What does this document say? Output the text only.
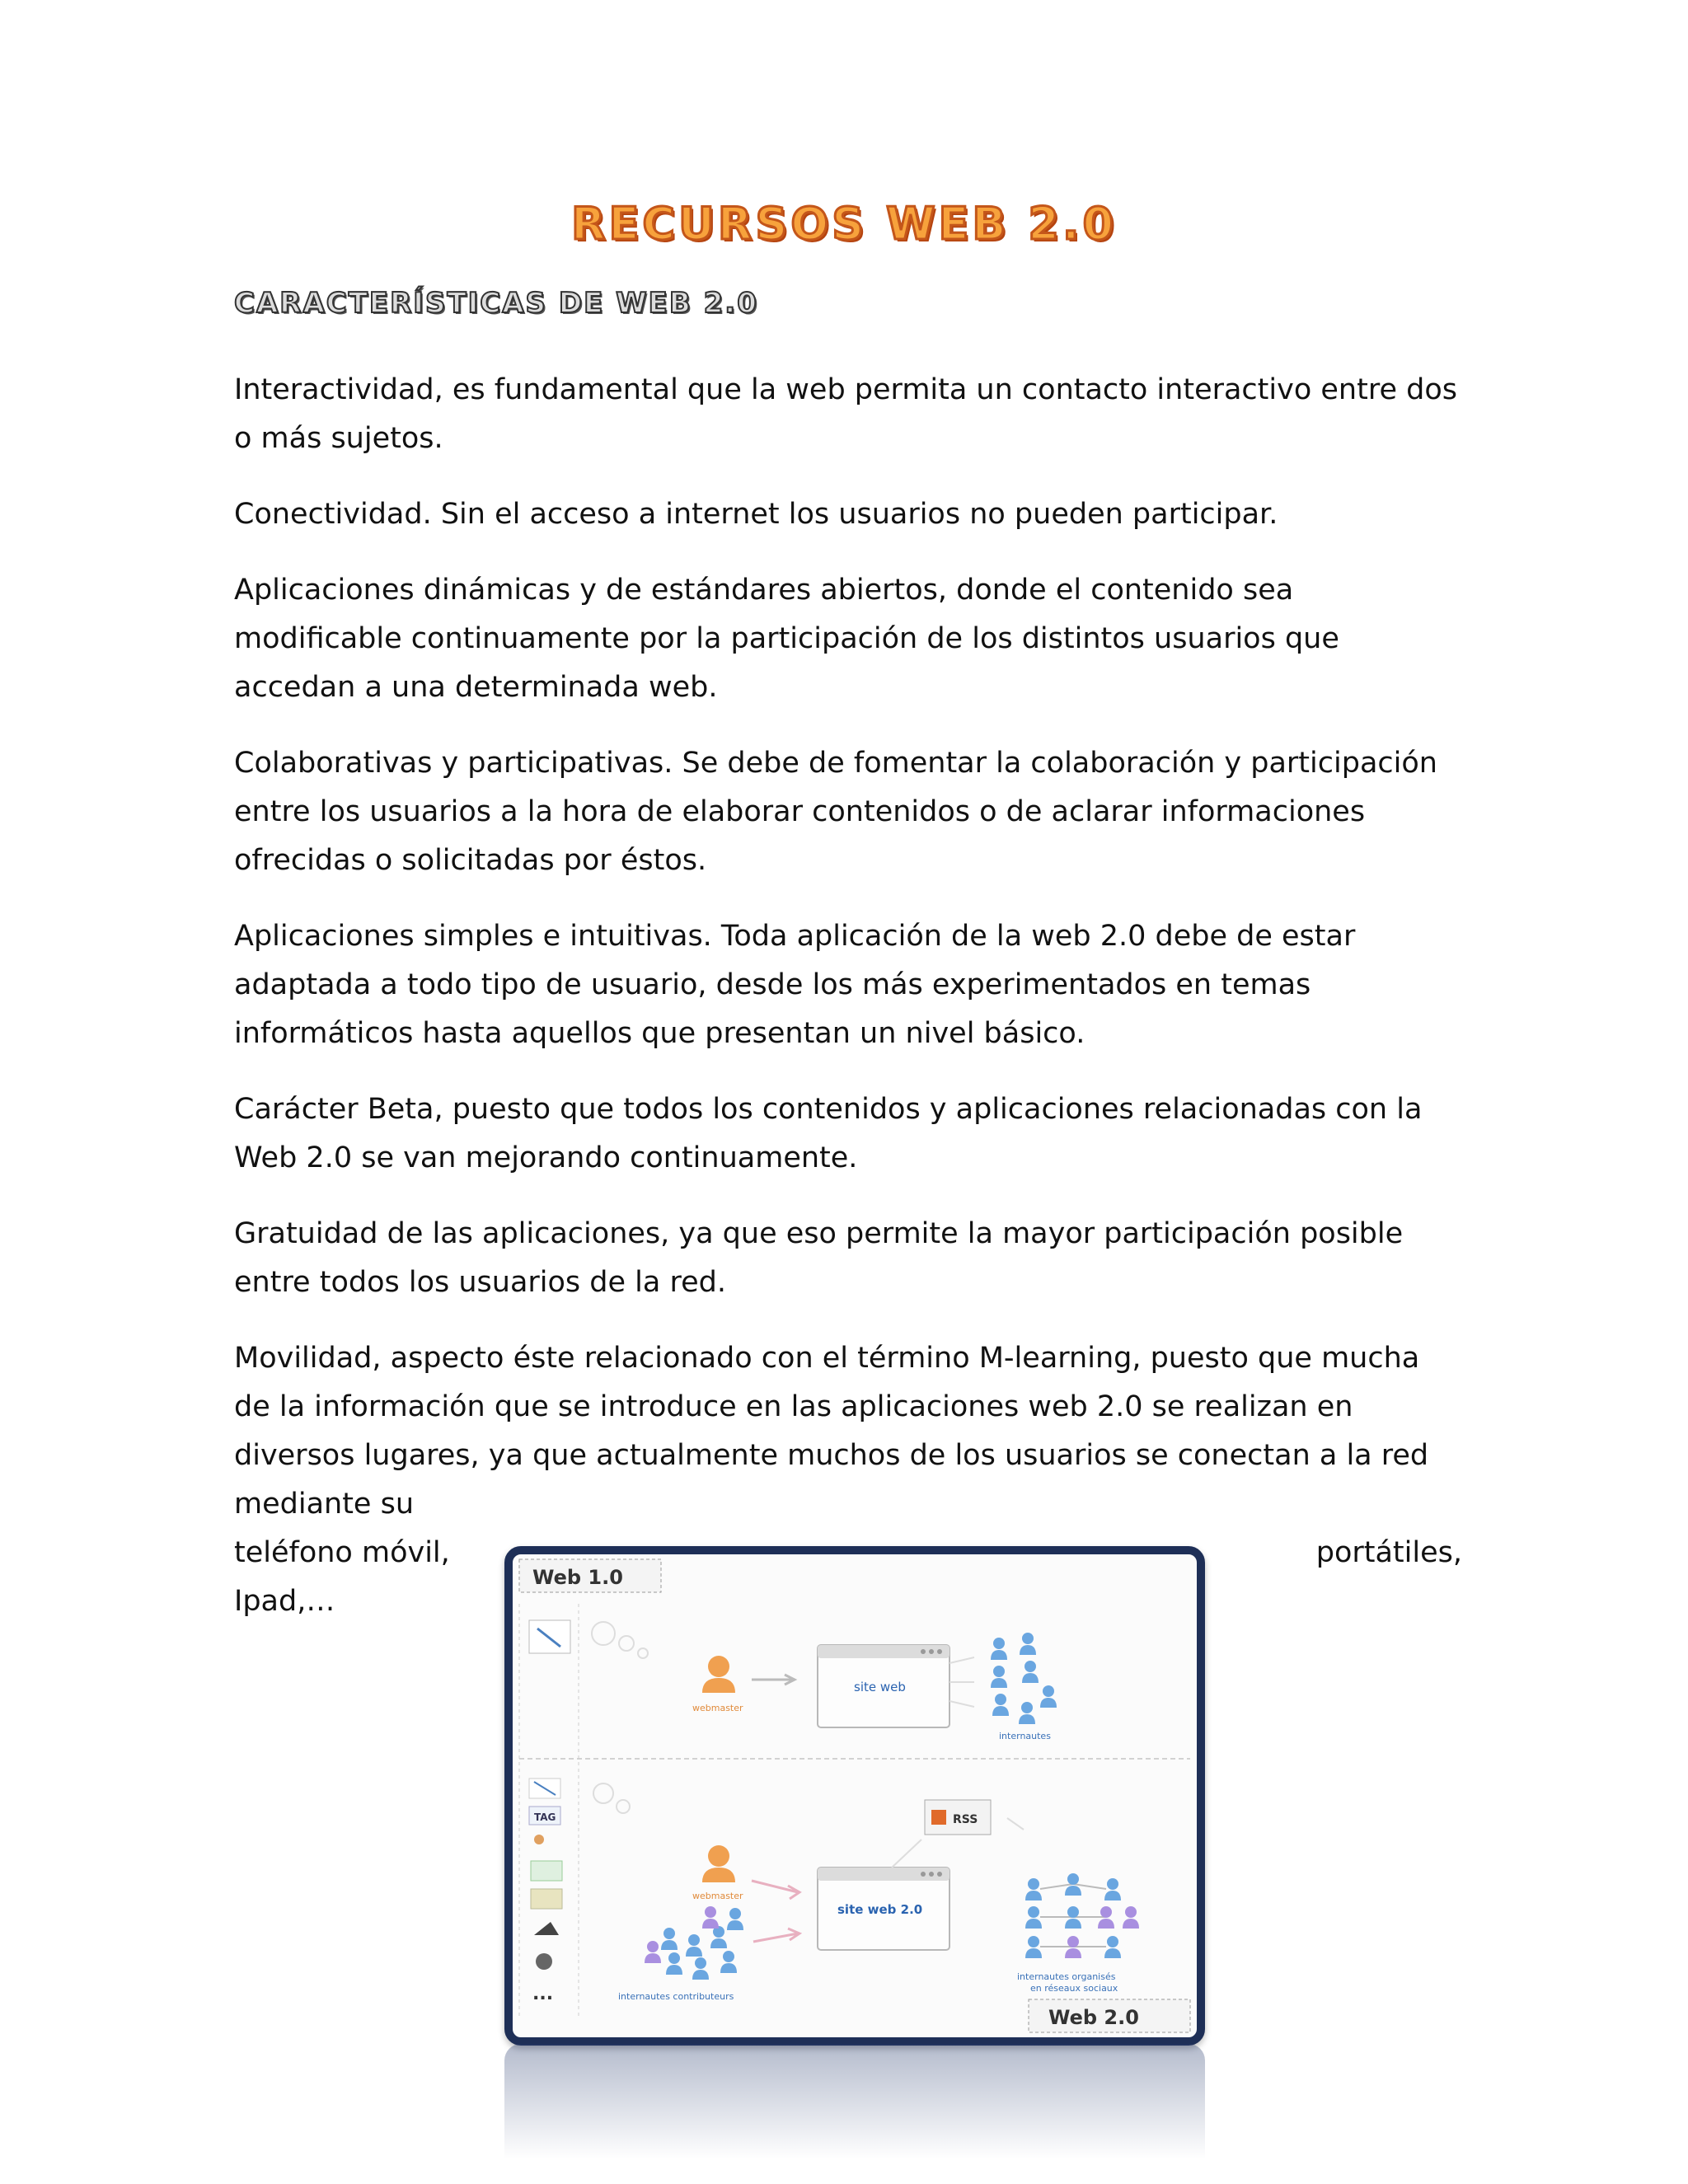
RECURSOS WEB 2.0
CARACTERÍSTICAS DE WEB 2.0

Interactividad, es fundamental que la web permita un contacto interactivo entre dos o más sujetos.

Conectividad. Sin el acceso a internet los usuarios no pueden participar.

Aplicaciones dinámicas y de estándares abiertos, donde el contenido sea modificable continuamente por la participación de los distintos usuarios que accedan a una determinada web.

Colaborativas y participativas. Se debe de fomentar la colaboración y participación entre los usuarios a la hora de elaborar contenidos o de aclarar informaciones ofrecidas o solicitadas por éstos.

Aplicaciones simples e intuitivas. Toda aplicación de la web 2.0 debe de estar adaptada a todo tipo de usuario, desde los más experimentados en temas informáticos hasta aquellos que presentan un nivel básico.

Carácter Beta, puesto que todos los contenidos y aplicaciones relacionadas con la Web 2.0 se van mejorando continuamente.

Gratuidad de las aplicaciones, ya que eso permite la mayor participación posible entre todos los usuarios de la red.

Movilidad, aspecto éste relacionado con el término M-learning, puesto que mucha de la información que se introduce en las aplicaciones web 2.0 se realizan en diversos lugares, ya que actualmente muchos de los usuarios se conectan a la red mediante su
teléfono móvil,	portátiles,
Ipad,…
Web 1.0
webmaster
site web
internautes
TAG
...
webmaster
internautes contributeurs
site web 2.0
RSS
internautes organisés
en réseaux sociaux
Web 2.0
